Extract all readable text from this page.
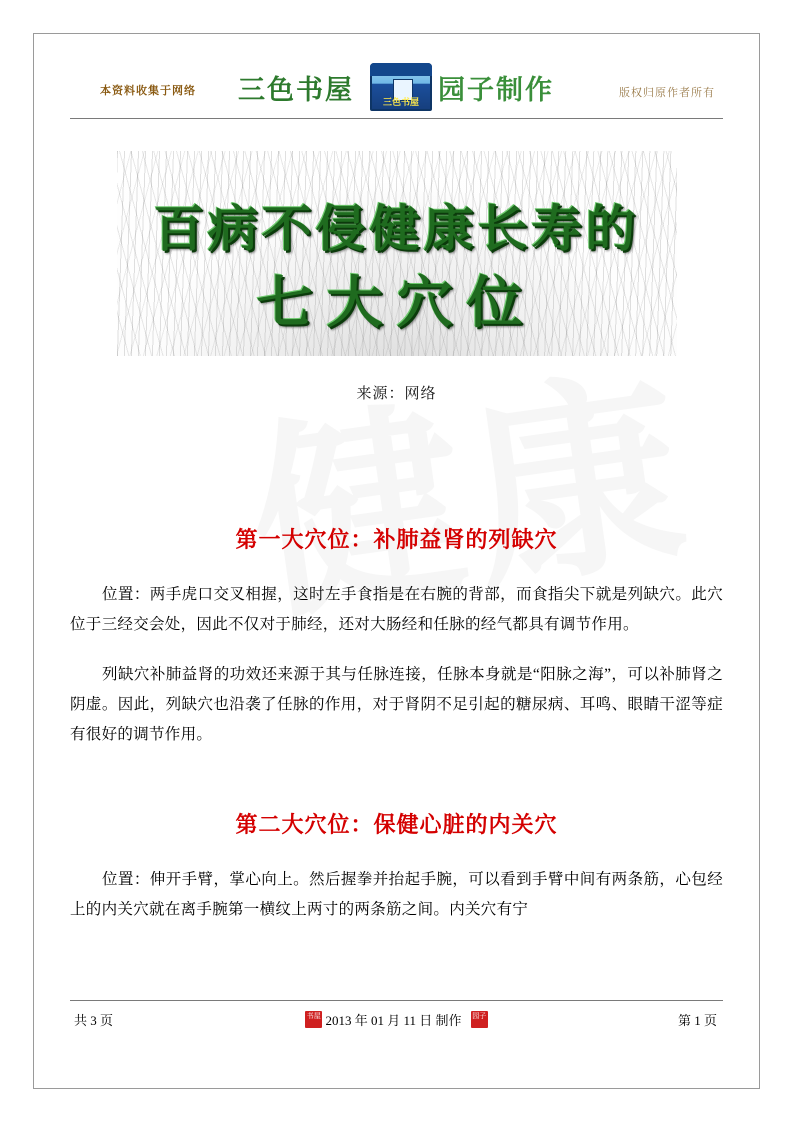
本资料收集于网络 三色书屋	三色书屋 园子制作	版权归原作者所有
百病不侵健康长寿的
七大穴位
来源：网络
第一大穴位：补肺益肾的列缺穴

位置：两手虎口交叉相握，这时左手食指是在右腕的背部，而食指尖下就是列缺穴。此穴位于三经交会处，因此不仅对于肺经，还对大肠经和任脉的经气都具有调节作用。

列缺穴补肺益肾的功效还来源于其与任脉连接，任脉本身就是“阳脉之海”，可以补肺肾之阴虚。因此，列缺穴也沿袭了任脉的作用，对于肾阴不足引起的糖尿病、耳鸣、眼睛干涩等症有很好的调节作用。

第二大穴位：保健心脏的内关穴

位置：伸开手臂，掌心向上。然后握拳并抬起手腕，可以看到手臂中间有两条筋，心包经上的内关穴就在离手腕第一横纹上两寸的两条筋之间。内关穴有宁

共 3 页	书屋 2013 年 01 月 11 日 制作 园子	第 1 页
